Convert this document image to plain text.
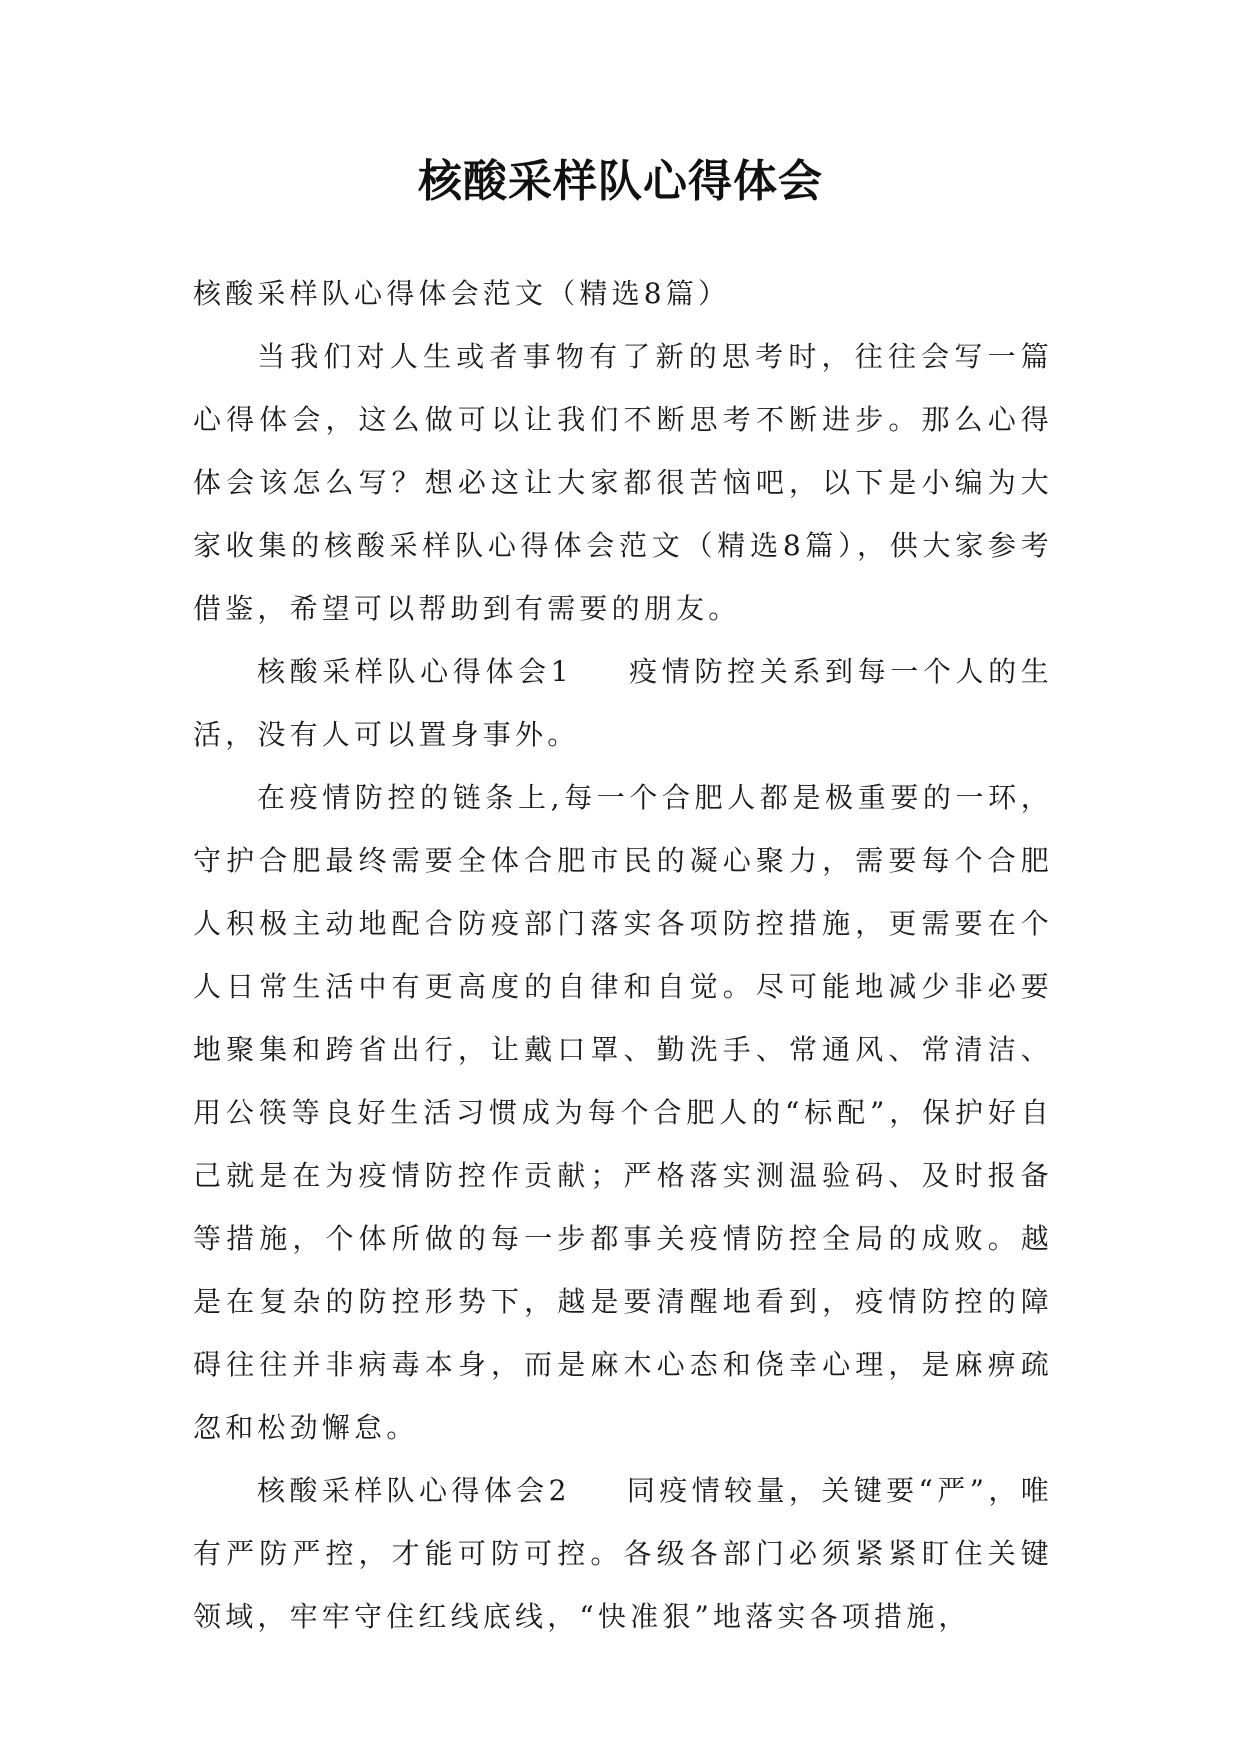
核酸采样队心得体会

核酸采样队心得体会范文（精选8篇）

当我们对人生或者事物有了新的思考时，往往会写一篇心得体会，这么做可以让我们不断思考不断进步。那么心得体会该怎么写？想必这让大家都很苦恼吧，以下是小编为大家收集的核酸采样队心得体会范文（精选8篇），供大家参考借鉴，希望可以帮助到有需要的朋友。

核酸采样队心得体会1 疫情防控关系到每一个人的生活，没有人可以置身事外。

在疫情防控的链条上,每一个合肥人都是极重要的一环，守护合肥最终需要全体合肥市民的凝心聚力，需要每个合肥人积极主动地配合防疫部门落实各项防控措施，更需要在个人日常生活中有更高度的自律和自觉。尽可能地减少非必要地聚集和跨省出行，让戴口罩、勤洗手、常通风、常清洁、用公筷等良好生活习惯成为每个合肥人的“标配”，保护好自己就是在为疫情防控作贡献；严格落实测温验码、及时报备等措施，个体所做的每一步都事关疫情防控全局的成败。越是在复杂的防控形势下，越是要清醒地看到，疫情防控的障碍往往并非病毒本身，而是麻木心态和侥幸心理，是麻痹疏忽和松劲懈怠。

核酸采样队心得体会2 同疫情较量，关键要“严”，唯有严防严控，才能可防可控。各级各部门必须紧紧盯住关键领域，牢牢守住红线底线，“快准狠”地落实各项措施，
